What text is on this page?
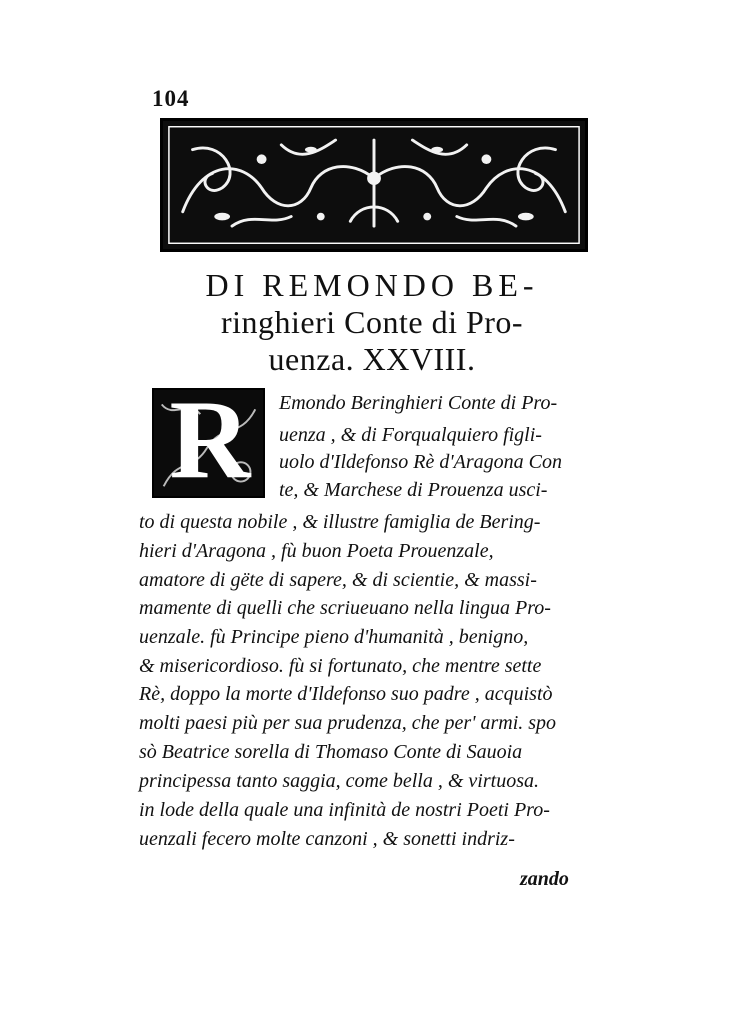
104
DI REMONDO BE-
ringhieri Conte di Pro-
uenza. XXVIII.
R	Emondo Beringhieri Conte di Pro-
uenza , & di Forqualquiero figli-
uolo d'Ildefonso Rè d'Aragona Con
te, & Marchese di Prouenza usci-
to di questa nobile , & illustre famiglia de Bering-
hieri d'Aragona , fù buon Poeta Prouenzale,
amatore di gëte di sapere, & di scientie, & massi-
mamente di quelli che scriueuano nella lingua Pro-
uenzale. fù Principe pieno d'humanità , benigno,
& misericordioso. fù si fortunato, che mentre sette
Rè, doppo la morte d'Ildefonso suo padre , acquistò
molti paesi più per sua prudenza, che per' armi. spo
sò Beatrice sorella di Thomaso Conte di Sauoia
principessa tanto saggia, come bella , & virtuosa.
in lode della quale una infinità de nostri Poeti Pro-
uenzali fecero molte canzoni , & sonetti indriz-
zando
